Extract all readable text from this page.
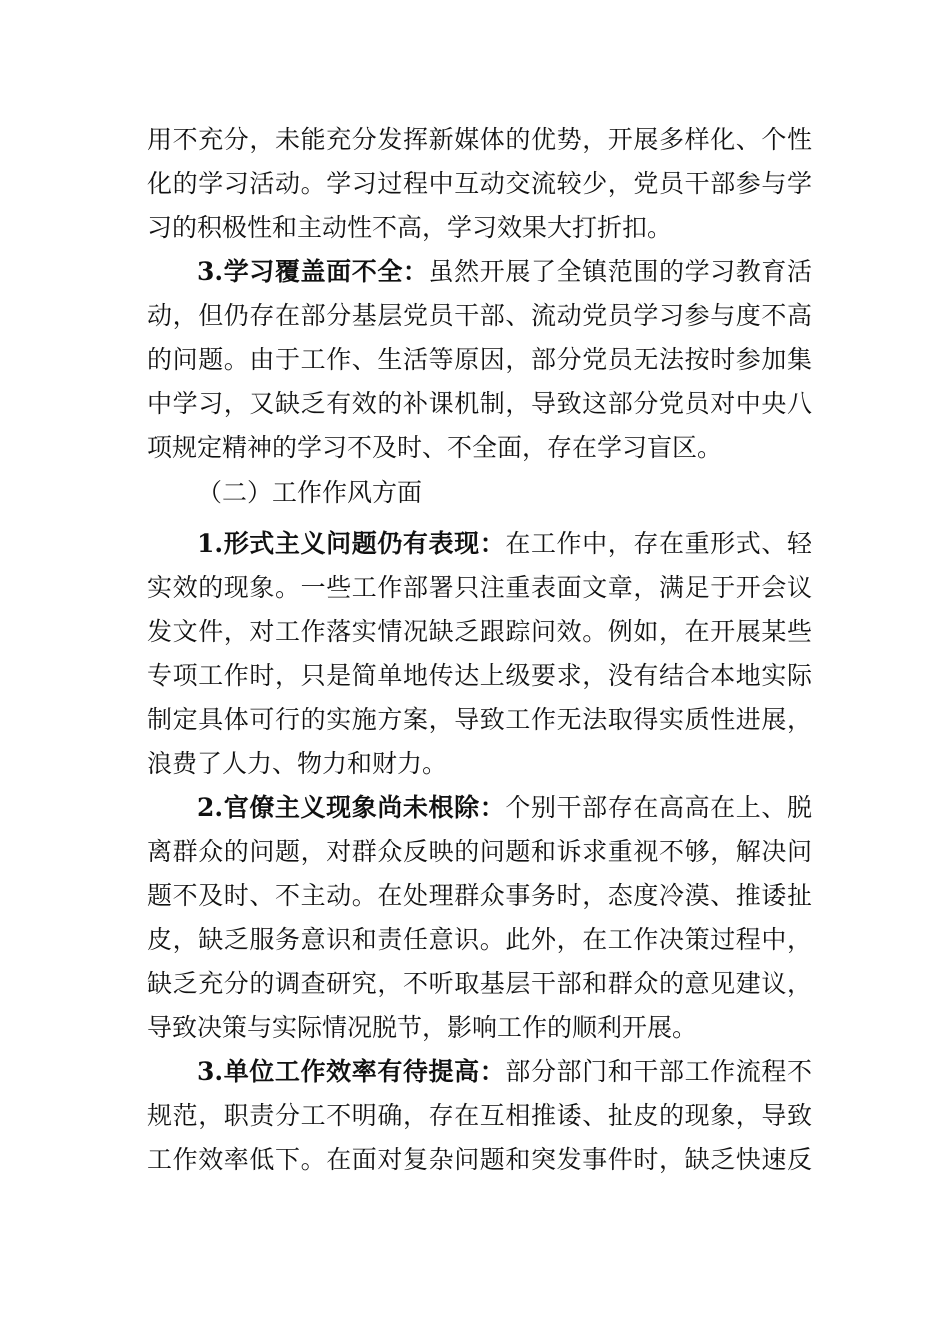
用不充分，未能充分发挥新媒体的优势，开展多样化、个性
化的学习活动。学习过程中互动交流较少，党员干部参与学
习的积极性和主动性不高，学习效果大打折扣。
3.学习覆盖面不全：虽然开展了全镇范围的学习教育活
动，但仍存在部分基层党员干部、流动党员学习参与度不高
的问题。由于工作、生活等原因，部分党员无法按时参加集
中学习，又缺乏有效的补课机制，导致这部分党员对中央八
项规定精神的学习不及时、不全面，存在学习盲区。
（二）工作作风方面
1.形式主义问题仍有表现：在工作中，存在重形式、轻
实效的现象。一些工作部署只注重表面文章，满足于开会议
发文件，对工作落实情况缺乏跟踪问效。例如，在开展某些
专项工作时，只是简单地传达上级要求，没有结合本地实际
制定具体可行的实施方案，导致工作无法取得实质性进展，
浪费了人力、物力和财力。
2.官僚主义现象尚未根除：个别干部存在高高在上、脱
离群众的问题，对群众反映的问题和诉求重视不够，解决问
题不及时、不主动。在处理群众事务时，态度冷漠、推诿扯
皮，缺乏服务意识和责任意识。此外，在工作决策过程中，
缺乏充分的调查研究，不听取基层干部和群众的意见建议，
导致决策与实际情况脱节，影响工作的顺利开展。
3.单位工作效率有待提高：部分部门和干部工作流程不
规范，职责分工不明确，存在互相推诿、扯皮的现象，导致
工作效率低下。在面对复杂问题和突发事件时，缺乏快速反
